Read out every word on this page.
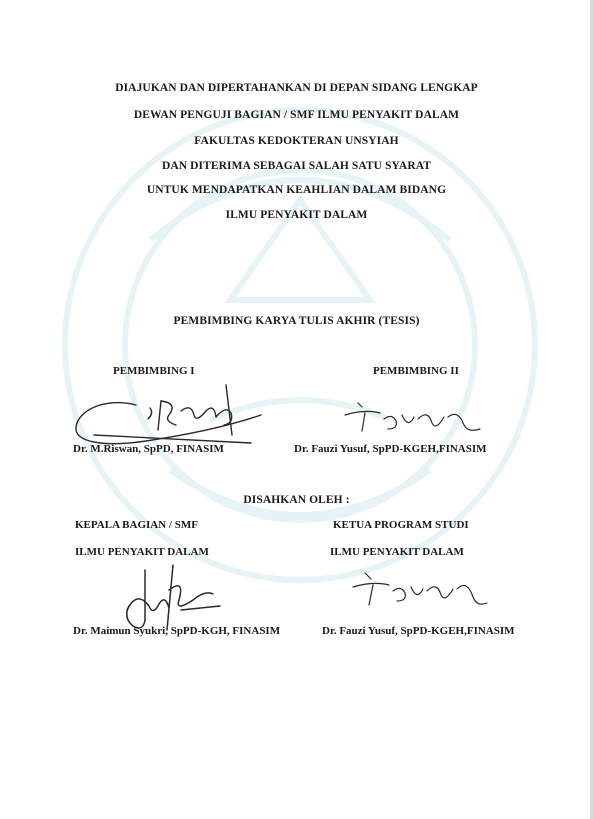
DIAJUKAN DAN DIPERTAHANKAN DI DEPAN SIDANG LENGKAP
DEWAN PENGUJI BAGIAN / SMF ILMU PENYAKIT DALAM
FAKULTAS KEDOKTERAN UNSYIAH
DAN DITERIMA SEBAGAI SALAH SATU SYARAT
UNTUK MENDAPATKAN KEAHLIAN DALAM BIDANG
ILMU PENYAKIT DALAM
PEMBIMBING KARYA TULIS AKHIR (TESIS)
PEMBIMBING I	PEMBIMBING II
Dr. M.Riswan, SpPD, FINASIM	Dr. Fauzi Yusuf, SpPD-KGEH,FINASIM
DISAHKAN OLEH :
KEPALA BAGIAN / SMF	KETUA PROGRAM STUDI
ILMU PENYAKIT DALAM	ILMU PENYAKIT DALAM
Dr. Maimun Syukri, SpPD-KGH, FINASIM	Dr. Fauzi Yusuf, SpPD-KGEH,FINASIM
